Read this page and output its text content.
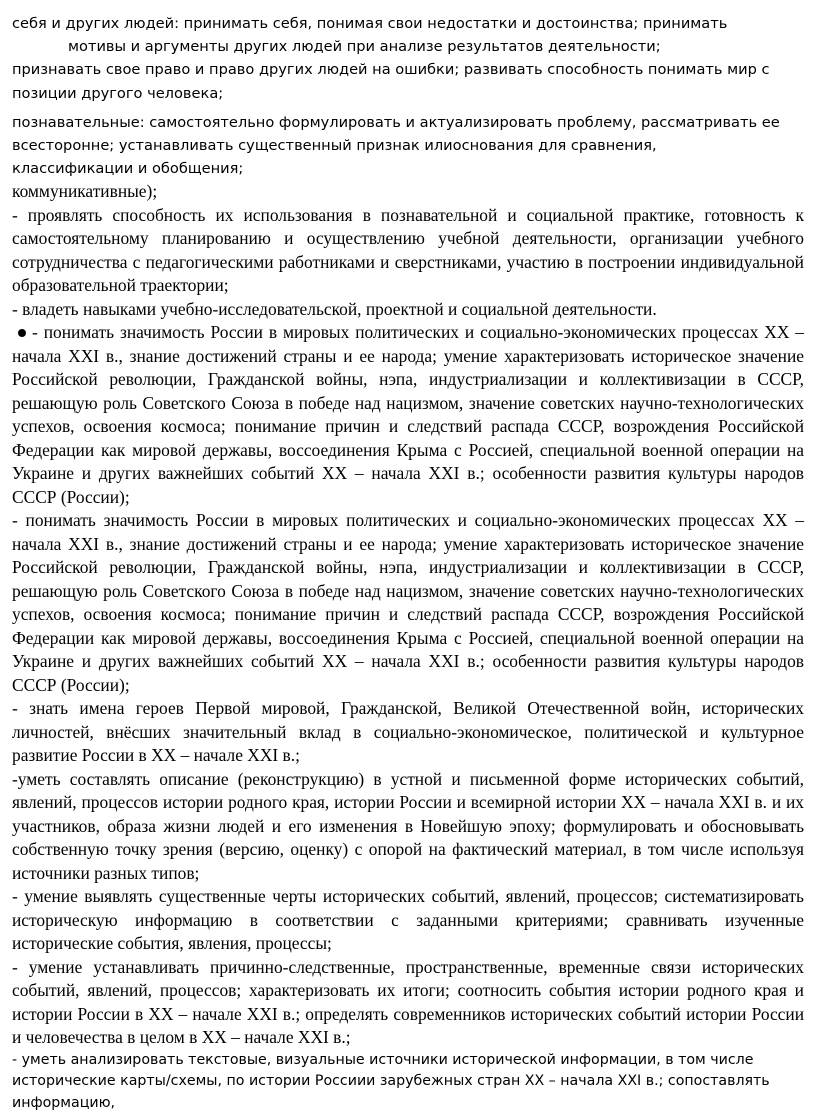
себя и других людей: принимать себя, понимая свои недостатки и достоинства; принимать

мотивы и аргументы других людей при анализе результатов деятельности;

признавать свое право и право других людей на ошибки; развивать способность понимать мир с

позиции другого человека;

познавательные: самостоятельно формулировать и актуализировать проблему, рассматривать ее

всесторонне; устанавливать существенный признак илиоснования для сравнения,

классификации и обобщения;

коммуникативные);

- проявлять способность их использования в познавательной и социальной практике, готовность к самостоятельному планированию и осуществлению учебной деятельности, организации учебного сотрудничества с педагогическими работниками и сверстниками, участию в построении индивидуальной образовательной траектории;

- владеть навыками учебно-исследовательской, проектной и социальной деятельности.

- понимать значимость России в мировых политических и социально-экономических процессах XX – начала XXI в., знание достижений страны и ее народа; умение характеризовать историческое значение Российской революции, Гражданской войны, нэпа, индустриализации и коллективизации в СССР, решающую роль Советского Союза в победе над нацизмом, значение советских научно-технологических успехов, освоения космоса; понимание причин и следствий распада СССР, возрождения Российской Федерации как мировой державы, воссоединения Крыма с Россией, специальной военной операции на Украине и других важнейших событий XX – начала XXI в.; особенности развития культуры народов СССР (России);

- понимать значимость России в мировых политических и социально-экономических процессах XX – начала XXI в., знание достижений страны и ее народа; умение характеризовать историческое значение Российской революции, Гражданской войны, нэпа, индустриализации и коллективизации в СССР, решающую роль Советского Союза в победе над нацизмом, значение советских научно-технологических успехов, освоения космоса; понимание причин и следствий распада СССР, возрождения Российской Федерации как мировой державы, воссоединения Крыма с Россией, специальной военной операции на Украине и других важнейших событий XX – начала XXI в.; особенности развития культуры народов СССР (России);

- знать имена героев Первой мировой, Гражданской, Великой Отечественной войн, исторических личностей, внёсших значительный вклад в социально-экономическое, политической и культурное развитие России в XX – начале XXI в.;

-уметь составлять описание (реконструкцию) в устной и письменной форме исторических событий, явлений, процессов истории родного края, истории России и всемирной истории XX – начала XXI в. и их участников, образа жизни людей и его изменения в Новейшую эпоху; формулировать и обосновывать собственную точку зрения (версию, оценку) с опорой на фактический материал, в том числе используя источники разных типов;

- умение выявлять существенные черты исторических событий, явлений, процессов; систематизировать историческую информацию в соответствии с заданными критериями; сравнивать изученные исторические события, явления, процессы;

- умение устанавливать причинно-следственные, пространственные, временные связи исторических событий, явлений, процессов; характеризовать их итоги; соотносить события истории родного края и истории России в XX – начале XXI в.; определять современников исторических событий истории России и человечества в целом в XX – начале XXI в.;

- уметь анализировать текстовые, визуальные источники исторической информации, в том числе

исторические карты/схемы, по истории Россиии зарубежных стран XX – начала XXI в.; сопоставлять

информацию,
